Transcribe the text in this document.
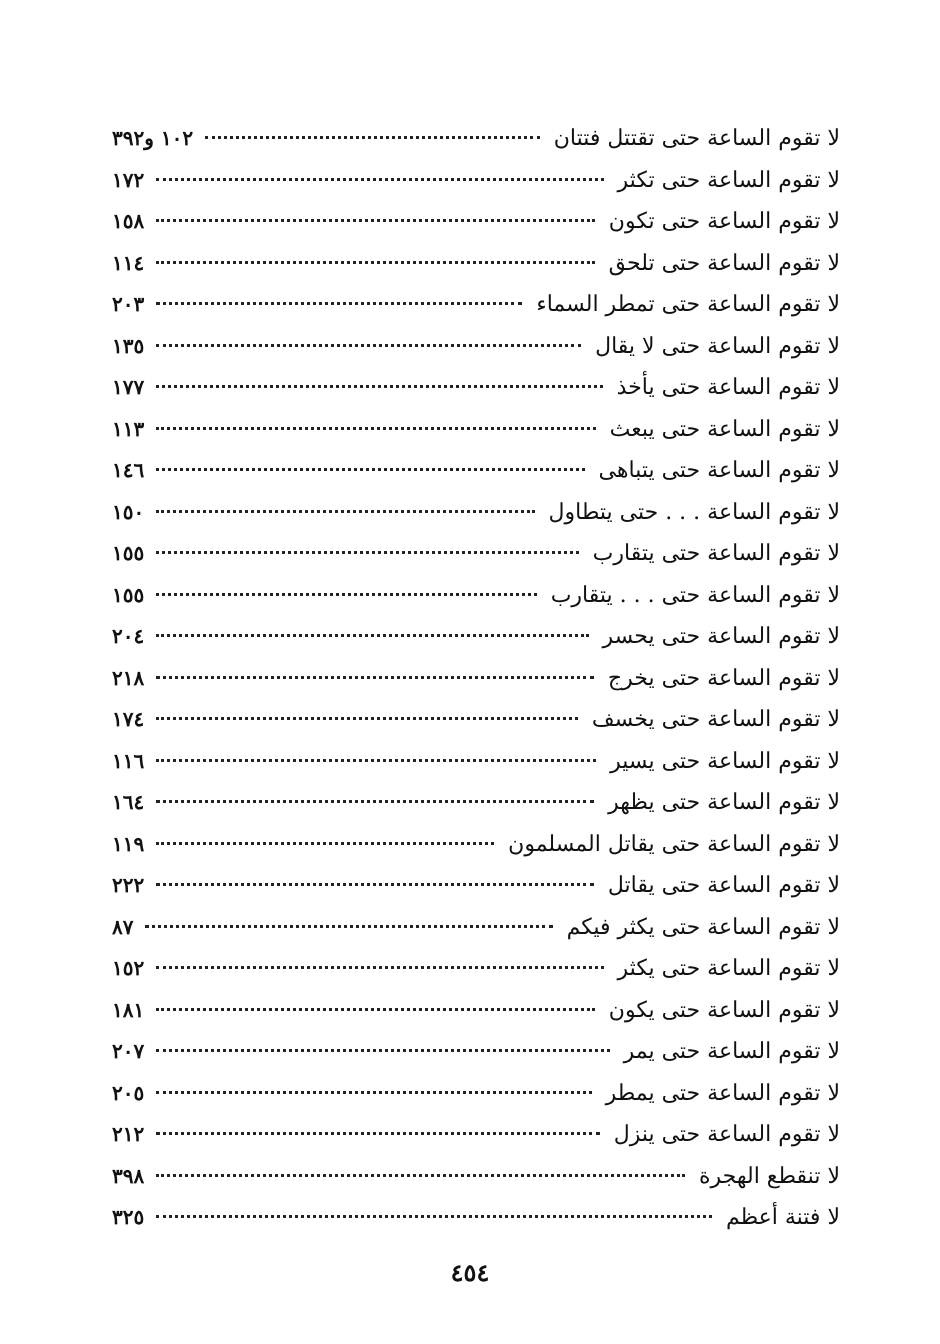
لا تقوم الساعة حتى تقتتل فتتان
١٠٢ و٣٩٢
لا تقوم الساعة حتى تكثر
١٧٢
لا تقوم الساعة حتى تكون
١٥٨
لا تقوم الساعة حتى تلحق
١١٤
لا تقوم الساعة حتى تمطر السماء
٢٠٣
لا تقوم الساعة حتى لا يقال
١٣٥
لا تقوم الساعة حتى يأخذ
١٧٧
لا تقوم الساعة حتى يبعث
١١٣
لا تقوم الساعة حتى يتباهى
١٤٦
لا تقوم الساعة . . . حتى يتطاول
١٥٠
لا تقوم الساعة حتى يتقارب
١٥٥
لا تقوم الساعة حتى . . . يتقارب
١٥٥
لا تقوم الساعة حتى يحسر
٢٠٤
لا تقوم الساعة حتى يخرج
٢١٨
لا تقوم الساعة حتى يخسف
١٧٤
لا تقوم الساعة حتى يسير
١١٦
لا تقوم الساعة حتى يظهر
١٦٤
لا تقوم الساعة حتى يقاتل المسلمون
١١٩
لا تقوم الساعة حتى يقاتل
٢٢٢
لا تقوم الساعة حتى يكثر فيكم
٨٧
لا تقوم الساعة حتى يكثر
١٥٢
لا تقوم الساعة حتى يكون
١٨١
لا تقوم الساعة حتى يمر
٢٠٧
لا تقوم الساعة حتى يمطر
٢٠٥
لا تقوم الساعة حتى ينزل
٢١٢
لا تنقطع الهجرة
٣٩٨
لا فتنة أعظم
٣٢٥
٤٥٤
